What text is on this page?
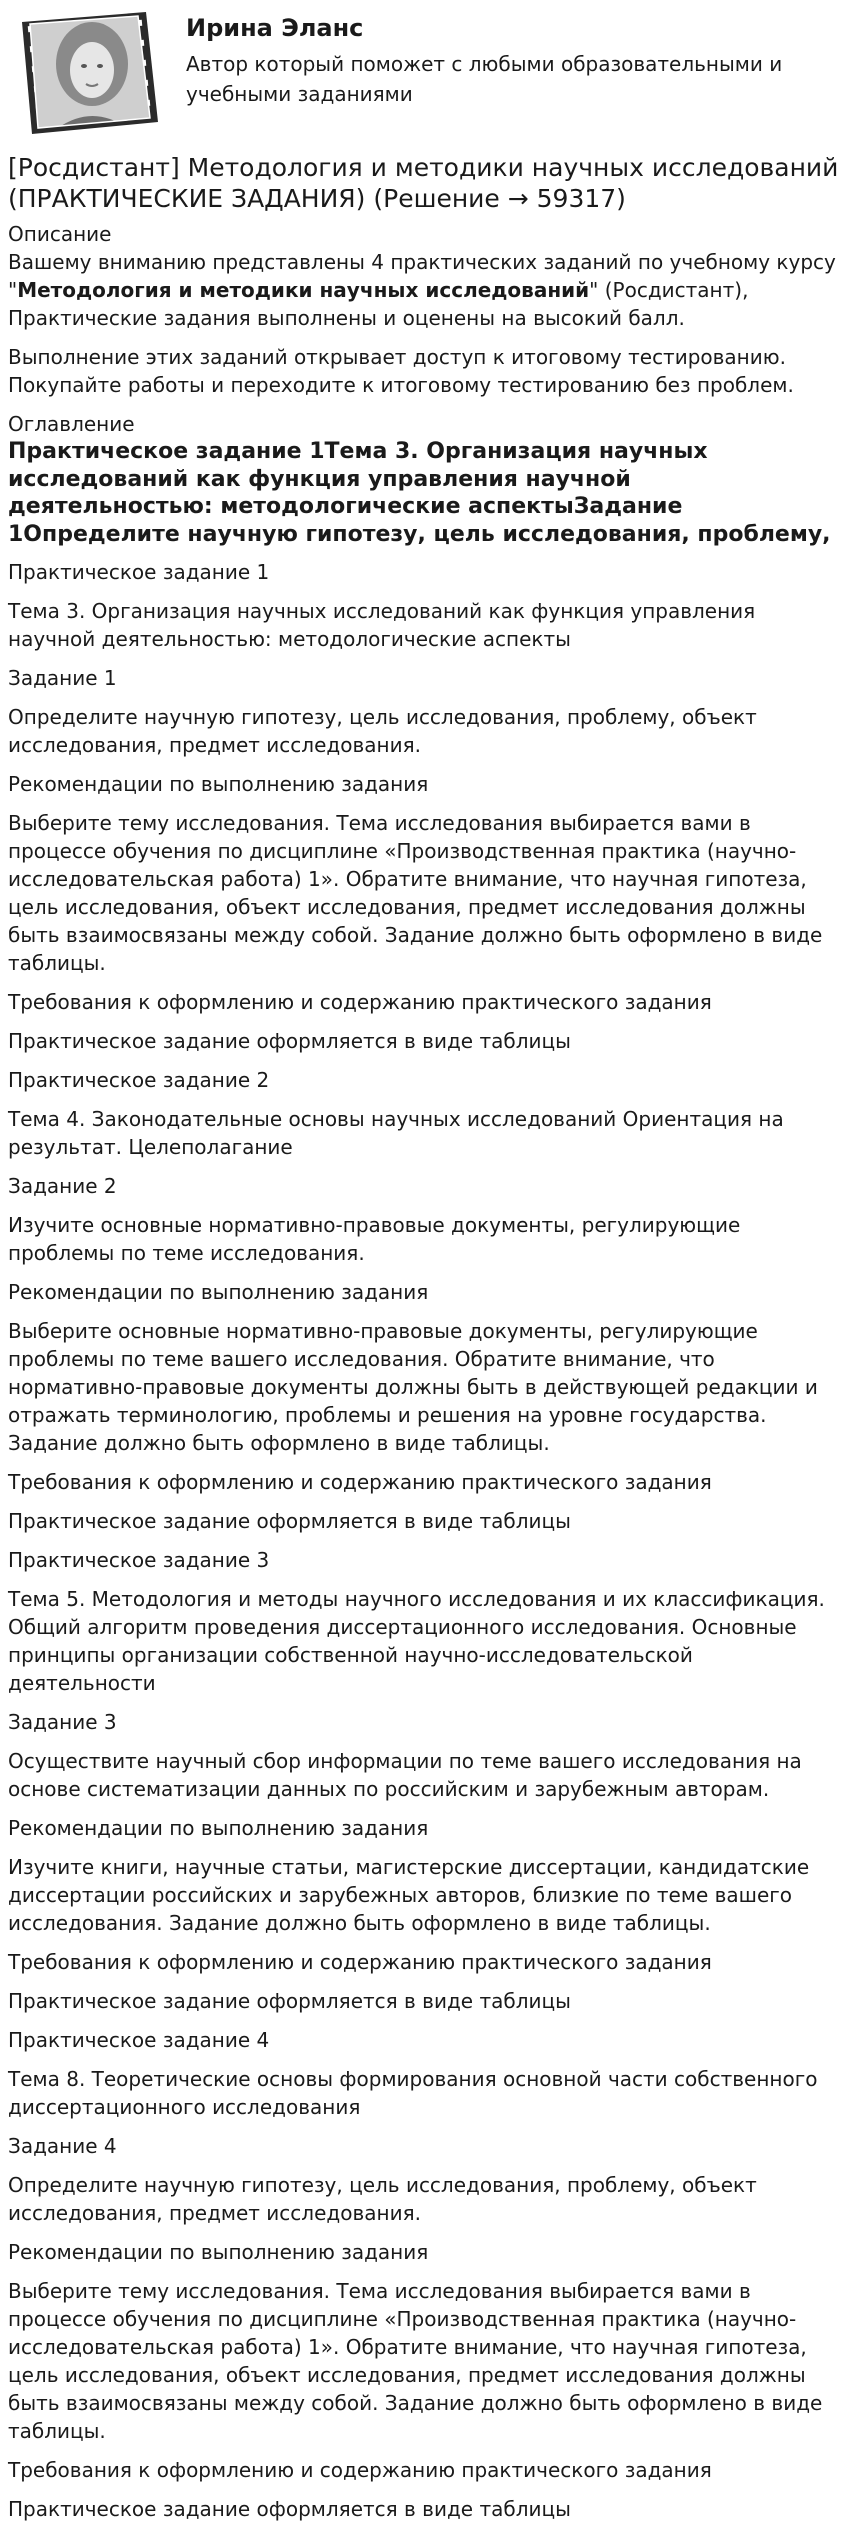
Ирина Эланс
Автор который поможет с любыми образовательными и учебными заданиями
[Росдистант] Методология и методики научных исследований (ПРАКТИЧЕСКИЕ ЗАДАНИЯ) (Решение → 59317)
Описание

Вашему вниманию представлены 4 практических заданий по учебному курсу "Методология и методики научных исследований" (Росдистант), Практические задания выполнены и оценены на высокий балл.

Выполнение этих заданий открывает доступ к итоговому тестированию. Покупайте работы и переходите к итоговому тестированию без проблем.

Оглавление
Практическое задание 1Тема 3. Организация научных исследований как функция управления научной деятельностью: методологические аспектыЗадание 1Определите научную гипотезу, цель исследования, проблему,
Практическое задание 1
Тема 3. Организация научных исследований как функция управления научной деятельностью: методологические аспекты
Задание 1
Определите научную гипотезу, цель исследования, проблему, объект исследования, предмет исследования.
Рекомендации по выполнению задания
Выберите тему исследования. Тема исследования выбирается вами в процессе обучения по дисциплине «Производственная практика (научно-исследовательская работа) 1». Обратите внимание, что научная гипотеза, цель исследования, объект исследования, предмет исследования должны быть взаимосвязаны между собой. Задание должно быть оформлено в виде таблицы.
Требования к оформлению и содержанию практического задания
Практическое задание оформляется в виде таблицы
Практическое задание 2
Тема 4. Законодательные основы научных исследований Ориентация на результат. Целеполагание
Задание 2
Изучите основные нормативно-правовые документы, регулирующие проблемы по теме исследования.
Рекомендации по выполнению задания
Выберите основные нормативно-правовые документы, регулирующие проблемы по теме вашего исследования. Обратите внимание, что нормативно-правовые документы должны быть в действующей редакции и отражать терминологию, проблемы и решения на уровне государства. Задание должно быть оформлено в виде таблицы.
Требования к оформлению и содержанию практического задания
Практическое задание оформляется в виде таблицы
Практическое задание 3
Тема 5. Методология и методы научного исследования и их классификация. Общий алгоритм проведения диссертационного исследования. Основные принципы организации собственной научно-исследовательской деятельности
Задание 3
Осуществите научный сбор информации по теме вашего исследования на основе систематизации данных по российским и зарубежным авторам.
Рекомендации по выполнению задания
Изучите книги, научные статьи, магистерские диссертации, кандидатские диссертации российских и зарубежных авторов, близкие по теме вашего исследования. Задание должно быть оформлено в виде таблицы.
Требования к оформлению и содержанию практического задания
Практическое задание оформляется в виде таблицы
Практическое задание 4
Тема 8. Теоретические основы формирования основной части собственного диссертационного исследования
Задание 4
Определите научную гипотезу, цель исследования, проблему, объект исследования, предмет исследования.
Рекомендации по выполнению задания
Выберите тему исследования. Тема исследования выбирается вами в процессе обучения по дисциплине «Производственная практика (научно-исследовательская работа) 1». Обратите внимание, что научная гипотеза, цель исследования, объект исследования, предмет исследования должны быть взаимосвязаны между собой. Задание должно быть оформлено в виде таблицы.
Требования к оформлению и содержанию практического задания
Практическое задание оформляется в виде таблицы
